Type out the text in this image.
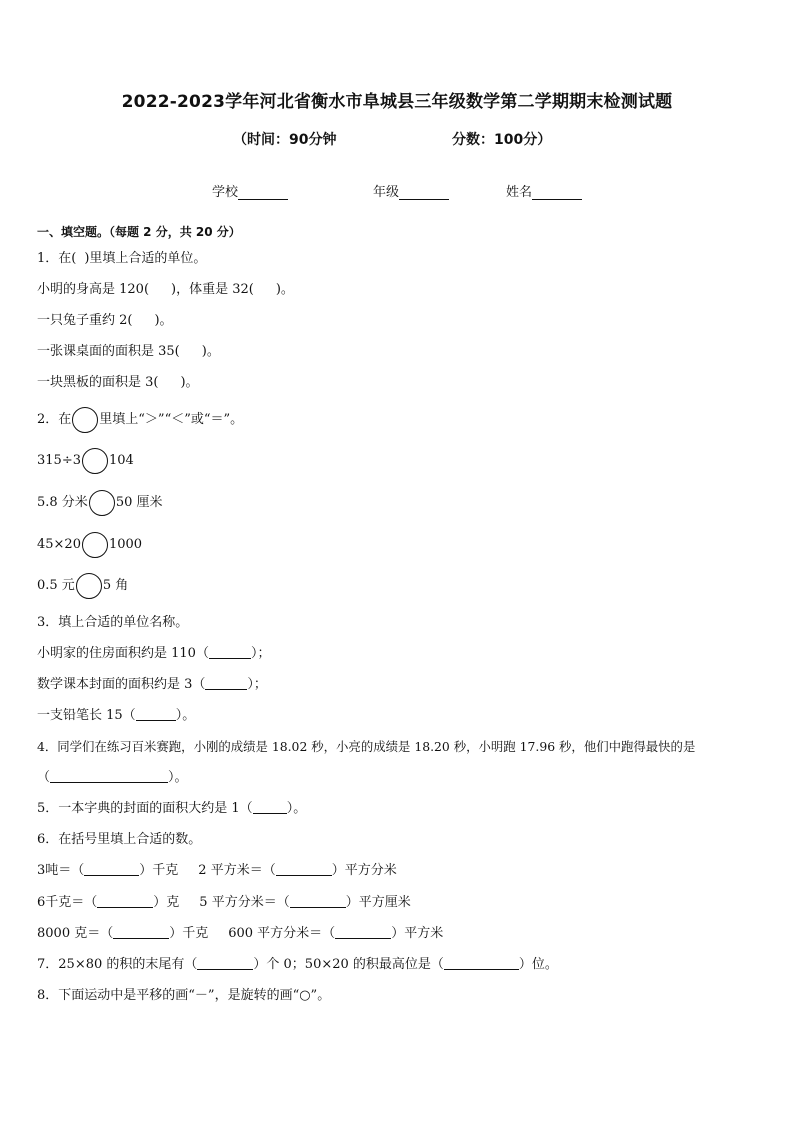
2022-2023学年河北省衡水市阜城县三年级数学第二学期期末检测试题
（时间：90分钟	分数：100分）
学校	年级	姓名
一、填空题。（每题 2 分，共 20 分）
1．在( )里填上合适的单位。
小明的身高是 120( )，体重是 32( )。
一只兔子重约 2( )。
一张课桌面的面积是 35( )。
一块黑板的面积是 3( )。
2．在 里填上“＞”“＜”或“＝”。
315÷3 104
5.8 分米 50 厘米
45×20 1000
0.5 元 5 角
3．填上合适的单位名称。
小明家的住房面积约是 110（	）；
数学课本封面的面积约是 3（	）；
一支铅笔长 15（	）。
4．同学们在练习百米赛跑，小刚的成绩是 18.02 秒，小亮的成绩是 18.20 秒，小明跑 17.96 秒，他们中跑得最快的是
（	）。
5．一本字典的封面的面积大约是 1（	）。
6．在括号里填上合适的数。
3吨＝（	）千克 2 平方米＝（	）平方分米
6千克＝（	）克 5 平方分米＝（	）平方厘米
8000 克＝（	）千克 600 平方分米＝（	）平方米
7．25×80 的积的末尾有（	）个 0；50×20 的积最高位是（	）位。
8．下面运动中是平移的画“－”，是旋转的画“○”。
